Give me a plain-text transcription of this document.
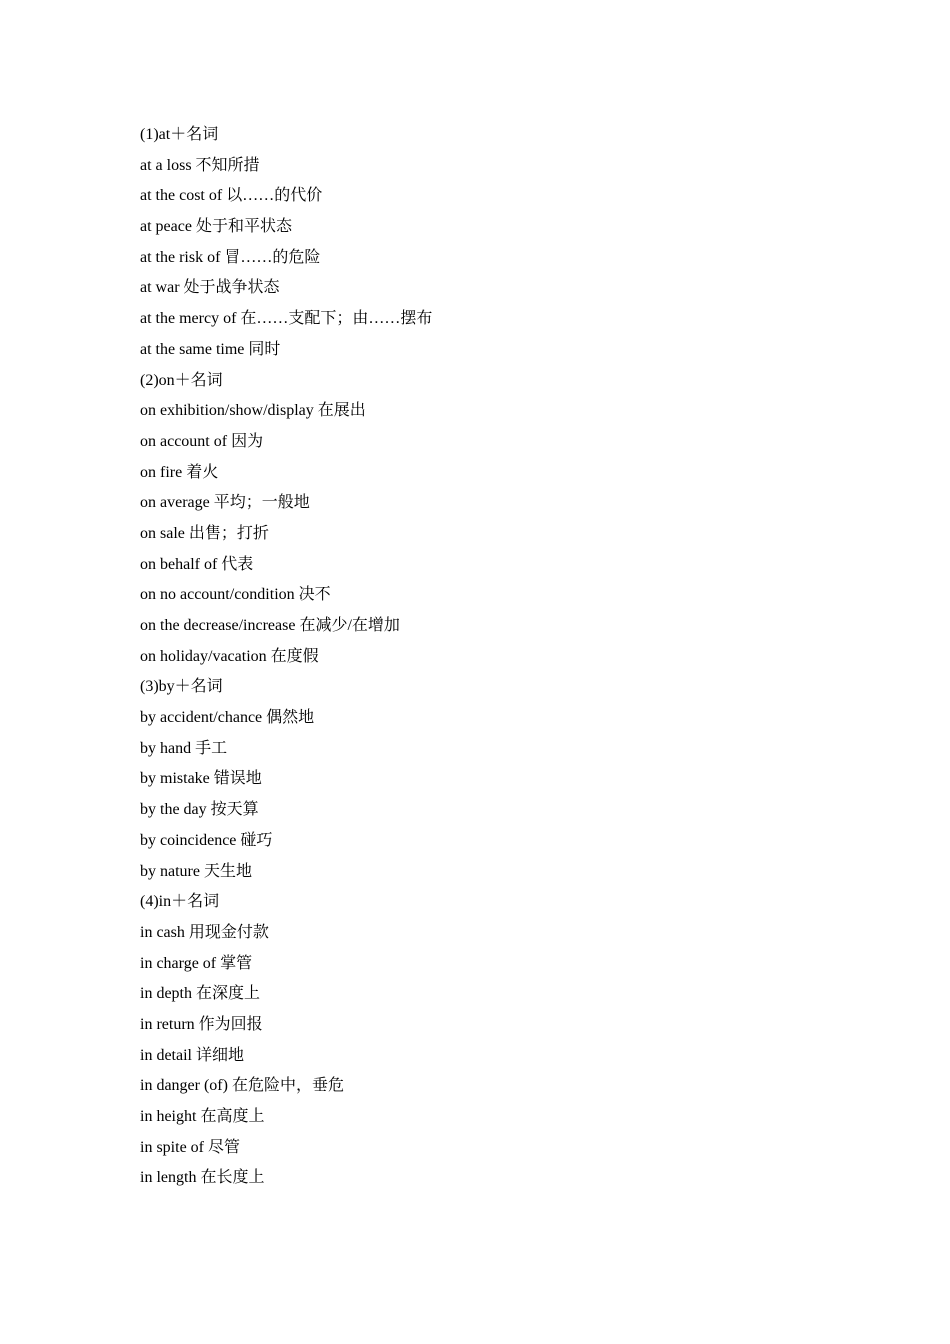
(1)at＋名词
at a loss 不知所措
at the cost of 以……的代价
at peace 处于和平状态
at the risk of 冒……的危险
at war 处于战争状态
at the mercy of 在……支配下；由……摆布
at the same time 同时
(2)on＋名词
on exhibition/show/display 在展出
on account of 因为
on fire 着火
on average 平均；一般地
on sale 出售；打折
on behalf of 代表
on no account/condition 决不
on the decrease/increase 在减少/在增加
on holiday/vacation 在度假
(3)by＋名词
by accident/chance 偶然地
by hand 手工
by mistake 错误地
by the day 按天算
by coincidence 碰巧
by nature 天生地
(4)in＋名词
in cash 用现金付款
in charge of 掌管
in depth 在深度上
in return 作为回报
in detail 详细地
in danger (of) 在危险中，垂危
in height 在高度上
in spite of 尽管
in length 在长度上
